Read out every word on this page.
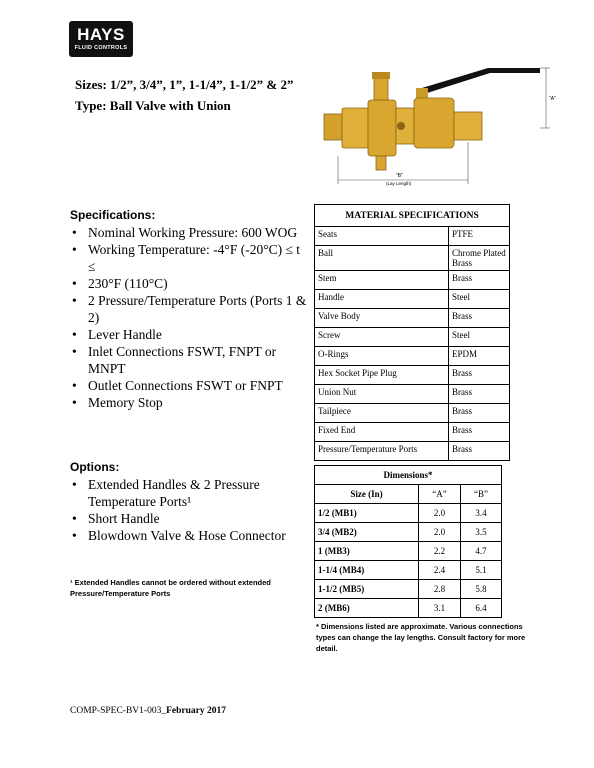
HAYS
FLUID CONTROLS
Sizes: 1/2”, 3/4”, 1”, 1-1/4”, 1-1/2” & 2”
Type: Ball Valve with Union	"A"
"B"
(Lay Length)
Specifications:
• Nominal Working Pressure: 600 WOG
• Working Temperature: -4°F (-20°C) ≤ t ≤
• 230°F (110°C)
• 2 Pressure/Temperature Ports (Ports 1 & 2)
• Lever Handle
• Inlet Connections FSWT, FNPT or MNPT
• Outlet Connections FSWT or FNPT
• Memory Stop
Options:
• Extended Handles & 2 Pressure Temperature Ports¹
• Short Handle
• Blowdown Valve & Hose Connector
¹ Extended Handles cannot be ordered without extended Pressure/Temperature Ports
MATERIAL SPECIFICATIONS	
Seats	PTFE
Ball	Chrome Plated Brass
Stem	Brass
Handle	Steel
Valve Body	Brass
Screw	Steel
O-Rings	EPDM
Hex Socket Pipe Plug	Brass
Union Nut	Brass
Tailpiece	Brass
Fixed End	Brass
Pressure/Temperature Ports	Brass
Dimensions*		
Size (In)	“A”	“B”
1/2 (MB1)	2.0	3.4
3/4 (MB2)	2.0	3.5
1 (MB3)	2.2	4.7
1-1/4 (MB4)	2.4	5.1
1-1/2 (MB5)	2.8	5.8
2 (MB6)	3.1	6.4
* Dimensions listed are approximate. Various connections types can change the lay lengths. Consult factory for more detail.
COMP-SPEC-BV1-003_February 2017
